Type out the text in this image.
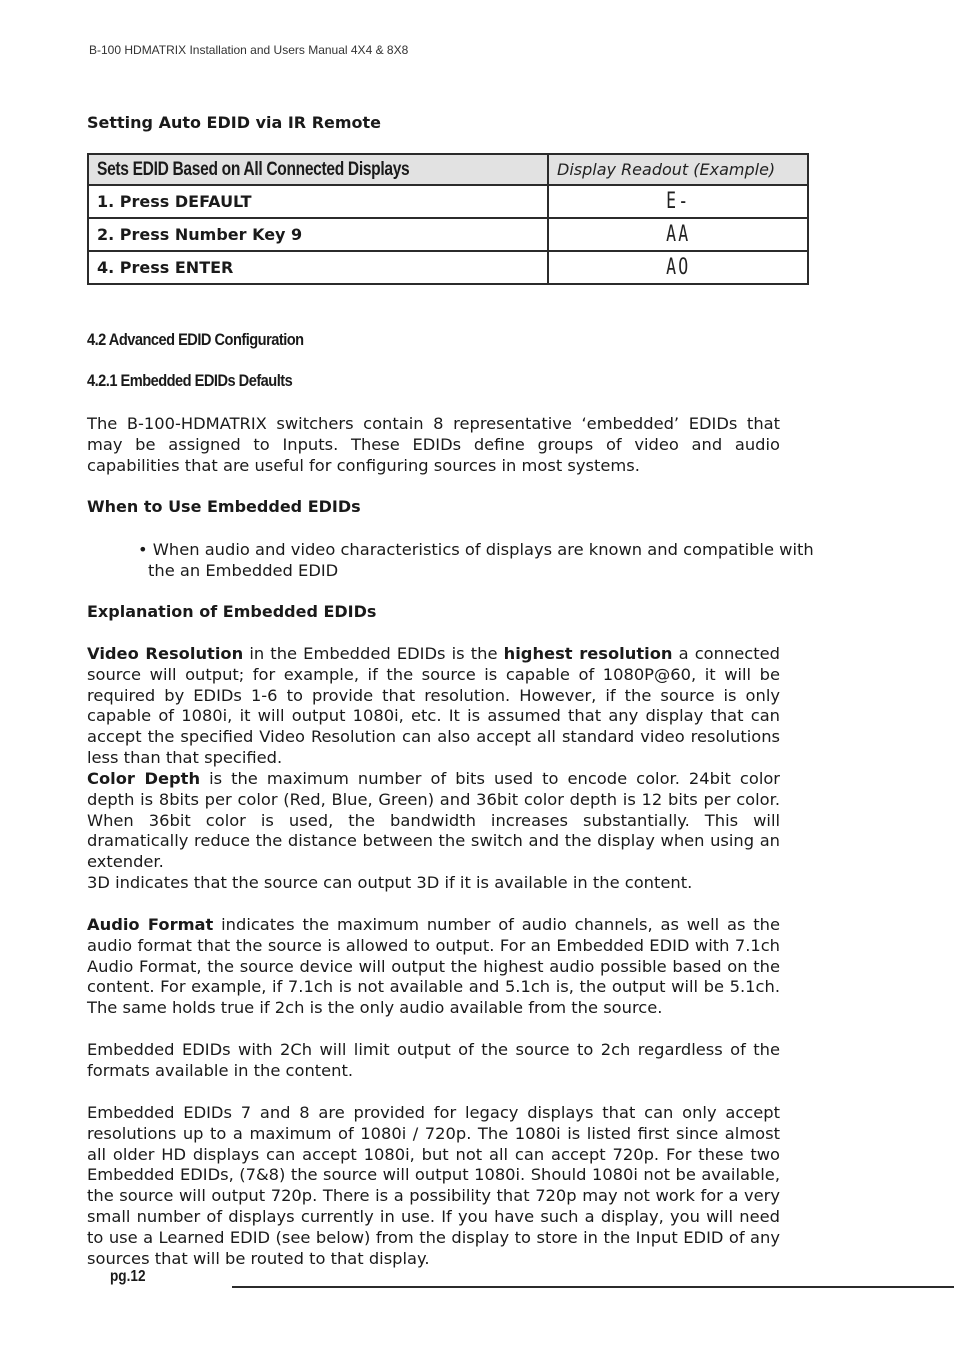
B-100 HDMATRIX Installation and Users Manual 4X4 & 8X8
Setting Auto EDID via IR Remote
Sets EDID Based on All Connected Displays	Display Readout (Example)
1. Press DEFAULT	E-
2. Press Number Key 9	AA
4. Press ENTER	AO
4.2 Advanced EDID Configuration
4.2.1 Embedded EDIDs Defaults
The B-100-HDMATRIX switchers contain 8 representative ‘embedded’ EDIDs that may be assigned to Inputs. These EDIDs define groups of video and audio capabilities that are useful for configuring sources in most systems.
When to Use Embedded EDIDs
• When audio and video characteristics of displays are known and compatible with
the an Embedded EDID
Explanation of Embedded EDIDs
Video Resolution in the Embedded EDIDs is the highest resolution a connected source will output; for example, if the source is capable of 1080P@60, it will be required by EDIDs 1-6 to provide that resolution. However, if the source is only capable of 1080i, it will output 1080i, etc. It is assumed that any display that can accept the specified Video Resolution can also accept all standard video resolutions less than that specified.
Color Depth is the maximum number of bits used to encode color. 24bit color depth is 8bits per color (Red, Blue, Green) and 36bit color depth is 12 bits per color. When 36bit color is used, the bandwidth increases substantially. This will dramatically reduce the distance between the switch and the display when using an extender.
3D indicates that the source can output 3D if it is available in the content.
Audio Format indicates the maximum number of audio channels, as well as the audio format that the source is allowed to output. For an Embedded EDID with 7.1ch Audio Format, the source device will output the highest audio possible based on the content. For example, if 7.1ch is not available and 5.1ch is, the output will be 5.1ch. The same holds true if 2ch is the only audio available from the source.
Embedded EDIDs with 2Ch will limit output of the source to 2ch regardless of the formats available in the content.
Embedded EDIDs 7 and 8 are provided for legacy displays that can only accept resolutions up to a maximum of 1080i / 720p. The 1080i is listed first since almost all older HD displays can accept 1080i, but not all can accept 720p. For these two Embedded EDIDs, (7&8) the source will output 1080i. Should 1080i not be available, the source will output 720p. There is a possibility that 720p may not work for a very small number of displays currently in use. If you have such a display, you will need to use a Learned EDID (see below) from the display to store in the Input EDID of any sources that will be routed to that display.
pg.12
